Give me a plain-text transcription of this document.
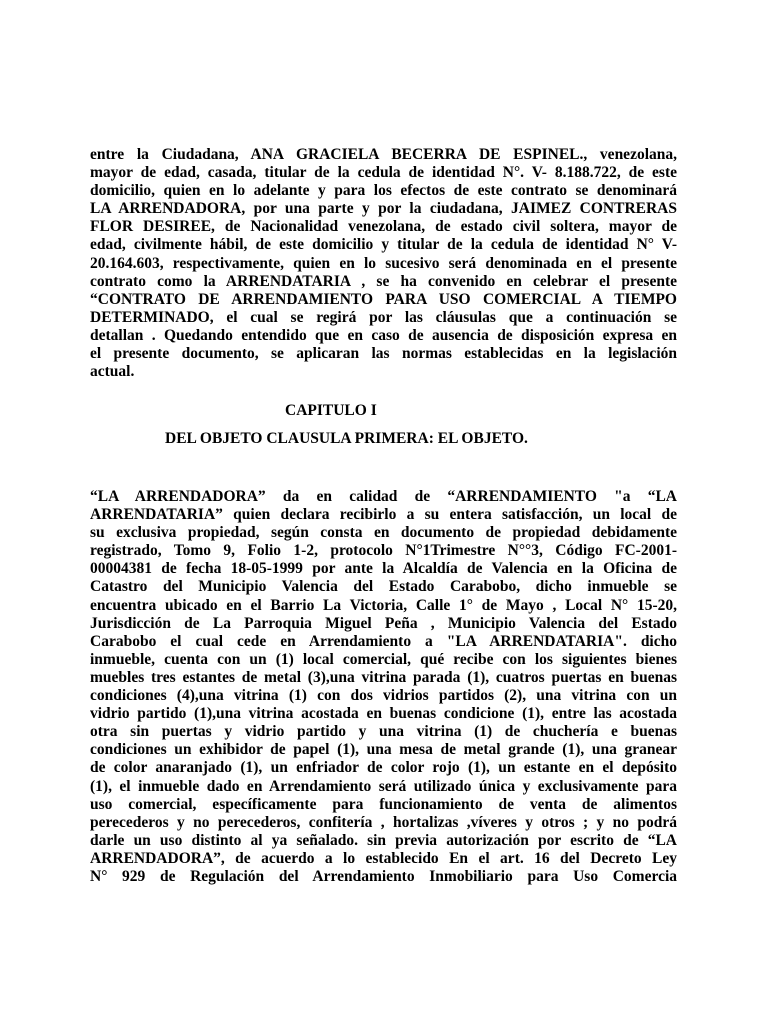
entre la Ciudadana, ANA GRACIELA BECERRA DE ESPINEL., venezolana,
mayor de edad, casada, titular de la cedula de identidad N°. V- 8.188.722, de este
domicilio, quien en lo adelante y para los efectos de este contrato se denominará
LA ARRENDADORA, por una parte y por la ciudadana, JAIMEZ CONTRERAS
FLOR DESIREE, de Nacionalidad venezolana, de estado civil soltera, mayor de
edad, civilmente hábil, de este domicilio y titular de la cedula de identidad N° V-
20.164.603, respectivamente, quien en lo sucesivo será denominada en el presente
contrato como la ARRENDATARIA , se ha convenido en celebrar el presente
“CONTRATO DE ARRENDAMIENTO PARA USO COMERCIAL A TIEMPO
DETERMINADO, el cual se regirá por las cláusulas que a continuación se
detallan . Quedando entendido que en caso de ausencia de disposición expresa en
el presente documento, se aplicaran las normas establecidas en la legislación
actual.
CAPITULO I
DEL OBJETO CLAUSULA PRIMERA: EL OBJETO.
“LA ARRENDADORA” da en calidad de “ARRENDAMIENTO "a “LA
ARRENDATARIA” quien declara recibirlo a su entera satisfacción, un local de
su exclusiva propiedad, según consta en documento de propiedad debidamente
registrado, Tomo 9, Folio 1-2, protocolo N°1Trimestre N°°3, Código FC-2001-
00004381 de fecha 18-05-1999 por ante la Alcaldía de Valencia en la Oficina de
Catastro del Municipio Valencia del Estado Carabobo, dicho inmueble se
encuentra ubicado en el Barrio La Victoria, Calle 1° de Mayo , Local N° 15-20,
Jurisdicción de La Parroquia Miguel Peña , Municipio Valencia del Estado
Carabobo el cual cede en Arrendamiento a "LA ARRENDATARIA". dicho
inmueble, cuenta con un (1) local comercial, qué recibe con los siguientes bienes
muebles tres estantes de metal (3),una vitrina parada (1), cuatros puertas en buenas
condiciones (4),una vitrina (1) con dos vidrios partidos (2), una vitrina con un
vidrio partido (1),una vitrina acostada en buenas condicione (1), entre las acostada
otra sin puertas y vidrio partido y una vitrina (1) de chuchería e buenas
condiciones un exhibidor de papel (1), una mesa de metal grande (1), una granear
de color anaranjado (1), un enfriador de color rojo (1), un estante en el depósito
(1), el inmueble dado en Arrendamiento será utilizado única y exclusivamente para
uso comercial, específicamente para funcionamiento de venta de alimentos
perecederos y no perecederos, confitería , hortalizas ,víveres y otros ; y no podrá
darle un uso distinto al ya señalado. sin previa autorización por escrito de “LA
ARRENDADORA”, de acuerdo a lo establecido En el art. 16 del Decreto Ley
N° 929 de Regulación del Arrendamiento Inmobiliario para Uso Comercia
